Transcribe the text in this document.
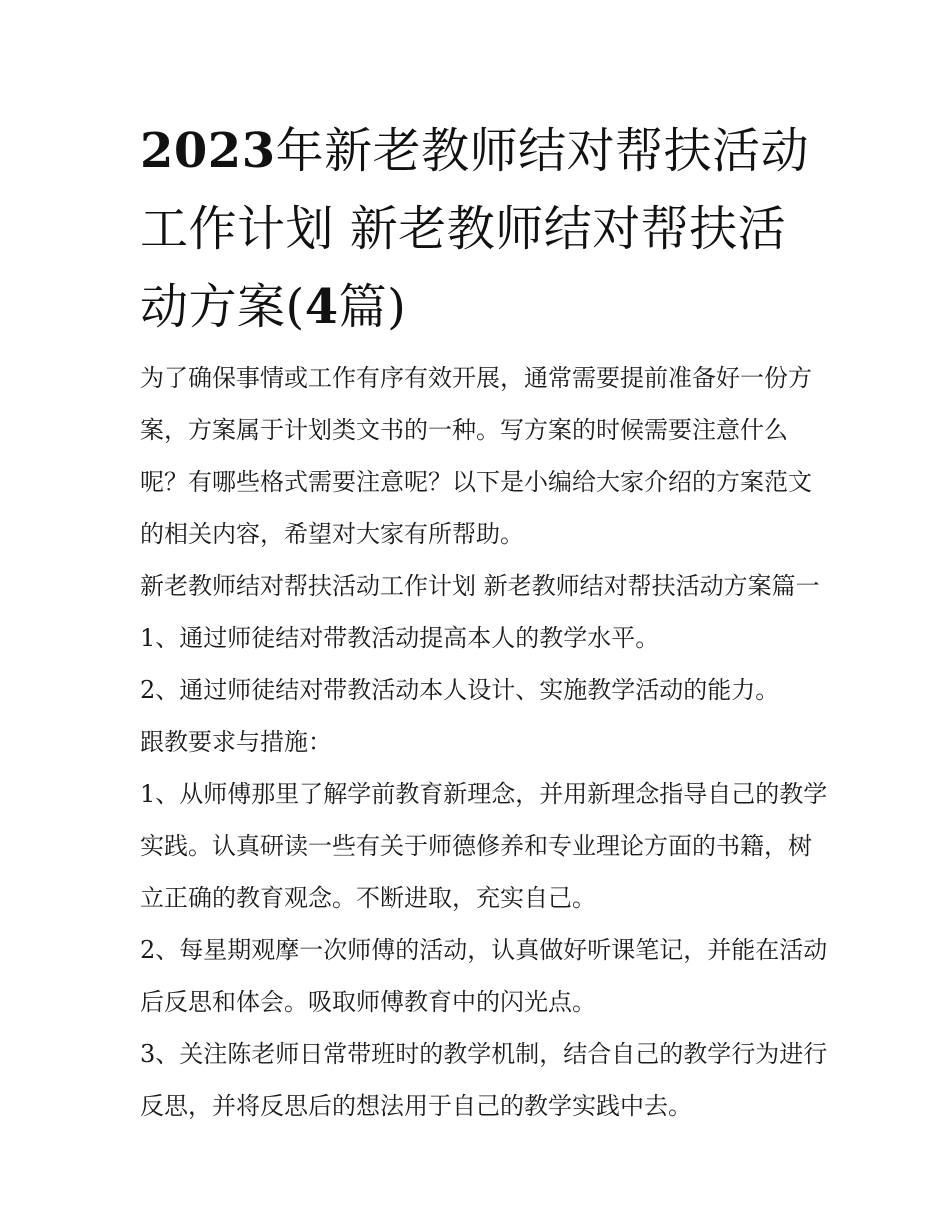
2023年新老教师结对帮扶活动工作计划 新老教师结对帮扶活动方案(4篇)

为了确保事情或工作有序有效开展，通常需要提前准备好一份方案，方案属于计划类文书的一种。写方案的时候需要注意什么呢？有哪些格式需要注意呢？以下是小编给大家介绍的方案范文的相关内容，希望对大家有所帮助。

新老教师结对帮扶活动工作计划 新老教师结对帮扶活动方案篇一 1、通过师徒结对带教活动提高本人的教学水平。

2、通过师徒结对带教活动本人设计、实施教学活动的能力。

跟教要求与措施：

1、从师傅那里了解学前教育新理念，并用新理念指导自己的教学实践。认真研读一些有关于师德修养和专业理论方面的书籍，树立正确的教育观念。不断进取，充实自己。

2、每星期观摩一次师傅的活动，认真做好听课笔记，并能在活动后反思和体会。吸取师傅教育中的闪光点。

3、关注陈老师日常带班时的教学机制，结合自己的教学行为进行反思，并将反思后的想法用于自己的教学实践中去。
